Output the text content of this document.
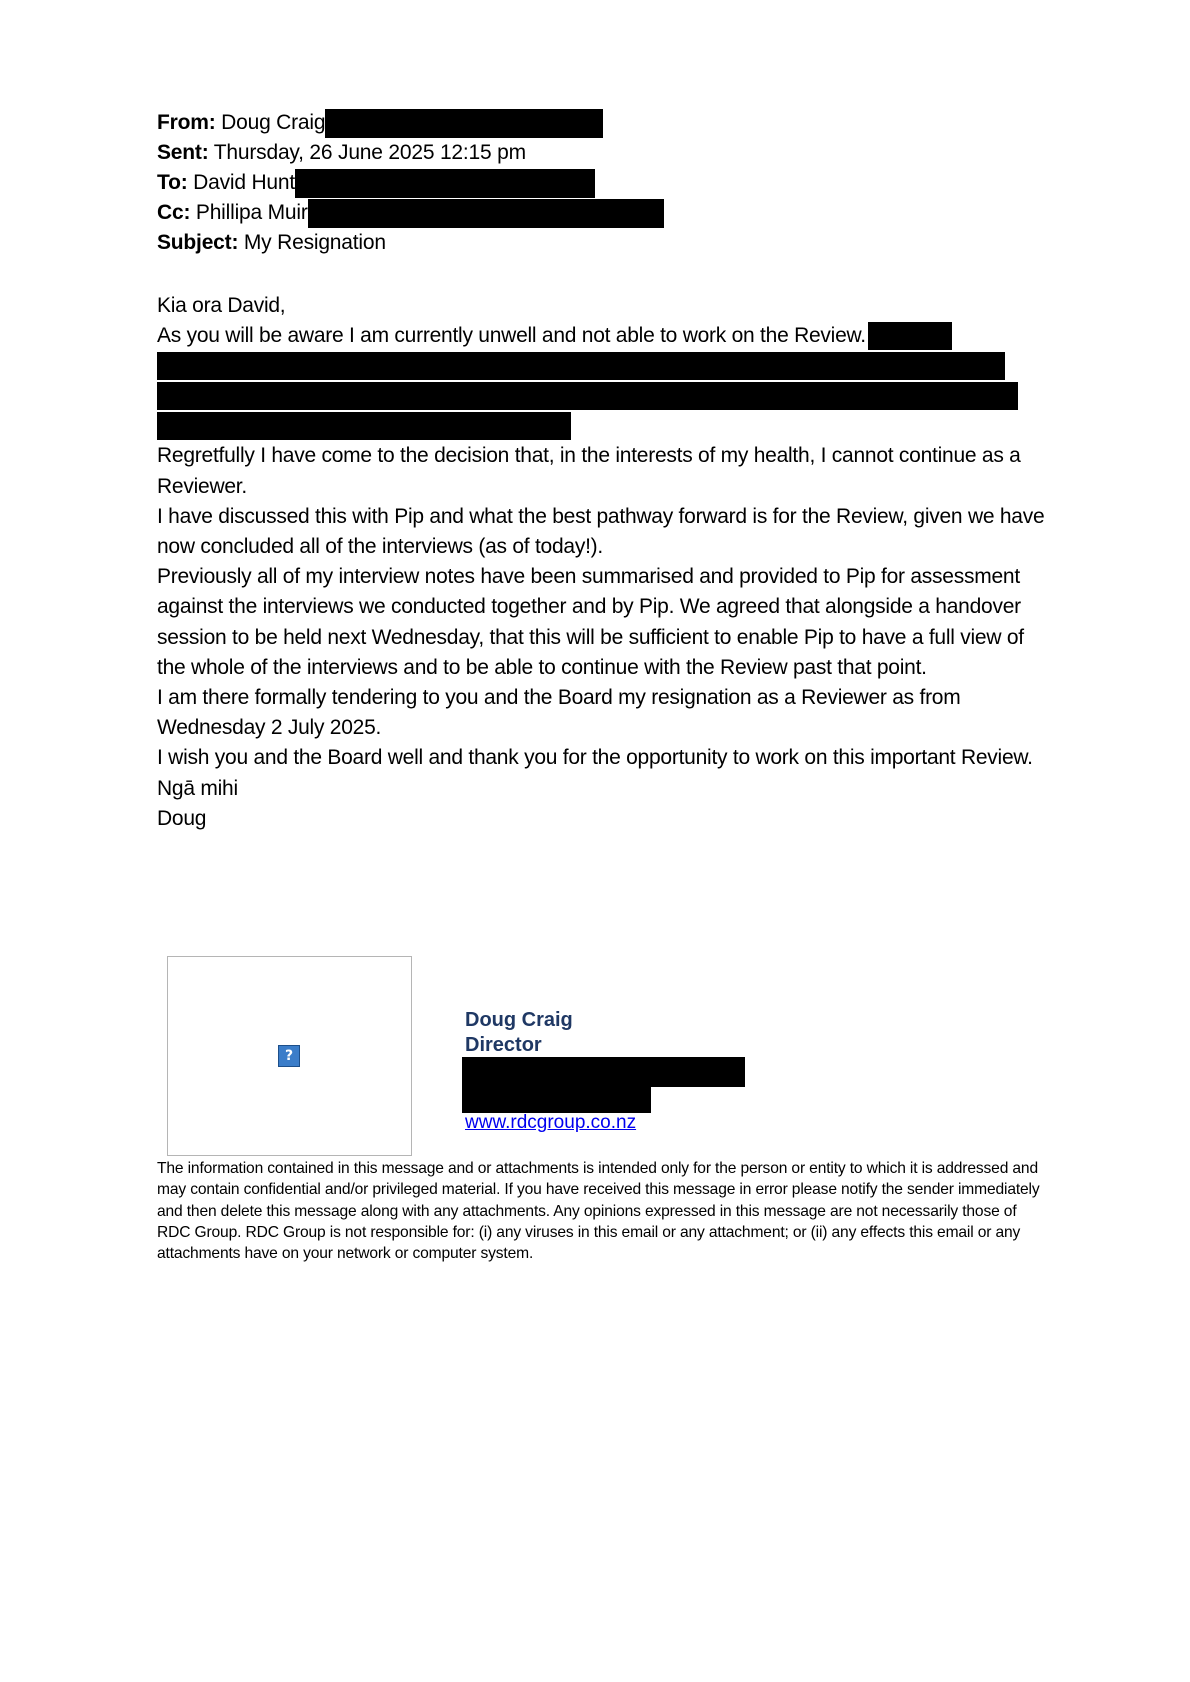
From: Doug Craig
Sent: Thursday, 26 June 2025 12:15 pm
To: David Hunt
Cc: Phillipa Muir
Subject: My Resignation

Kia ora David,

As you will be aware I am currently unwell and not able to work on the Review.

Regretfully I have come to the decision that, in the interests of my health, I cannot continue as a Reviewer.

I have discussed this with Pip and what the best pathway forward is for the Review, given we have now concluded all of the interviews (as of today!).

Previously all of my interview notes have been summarised and provided to Pip for assessment against the interviews we conducted together and by Pip. We agreed that alongside a handover session to be held next Wednesday, that this will be sufficient to enable Pip to have a full view of the whole of the interviews and to be able to continue with the Review past that point.

I am there formally tendering to you and the Board my resignation as a Reviewer as from Wednesday 2 July 2025.

I wish you and the Board well and thank you for the opportunity to work on this important Review.

Ngā mihi

Doug

?
Doug Craig
Director
www.rdcgroup.co.nz
The information contained in this message and or attachments is intended only for the person or entity to which it is addressed and may contain confidential and/or privileged material. If you have received this message in error please notify the sender immediately and then delete this message along with any attachments. Any opinions expressed in this message are not necessarily those of RDC Group. RDC Group is not responsible for: (i) any viruses in this email or any attachment; or (ii) any effects this email or any attachments have on your network or computer system.
